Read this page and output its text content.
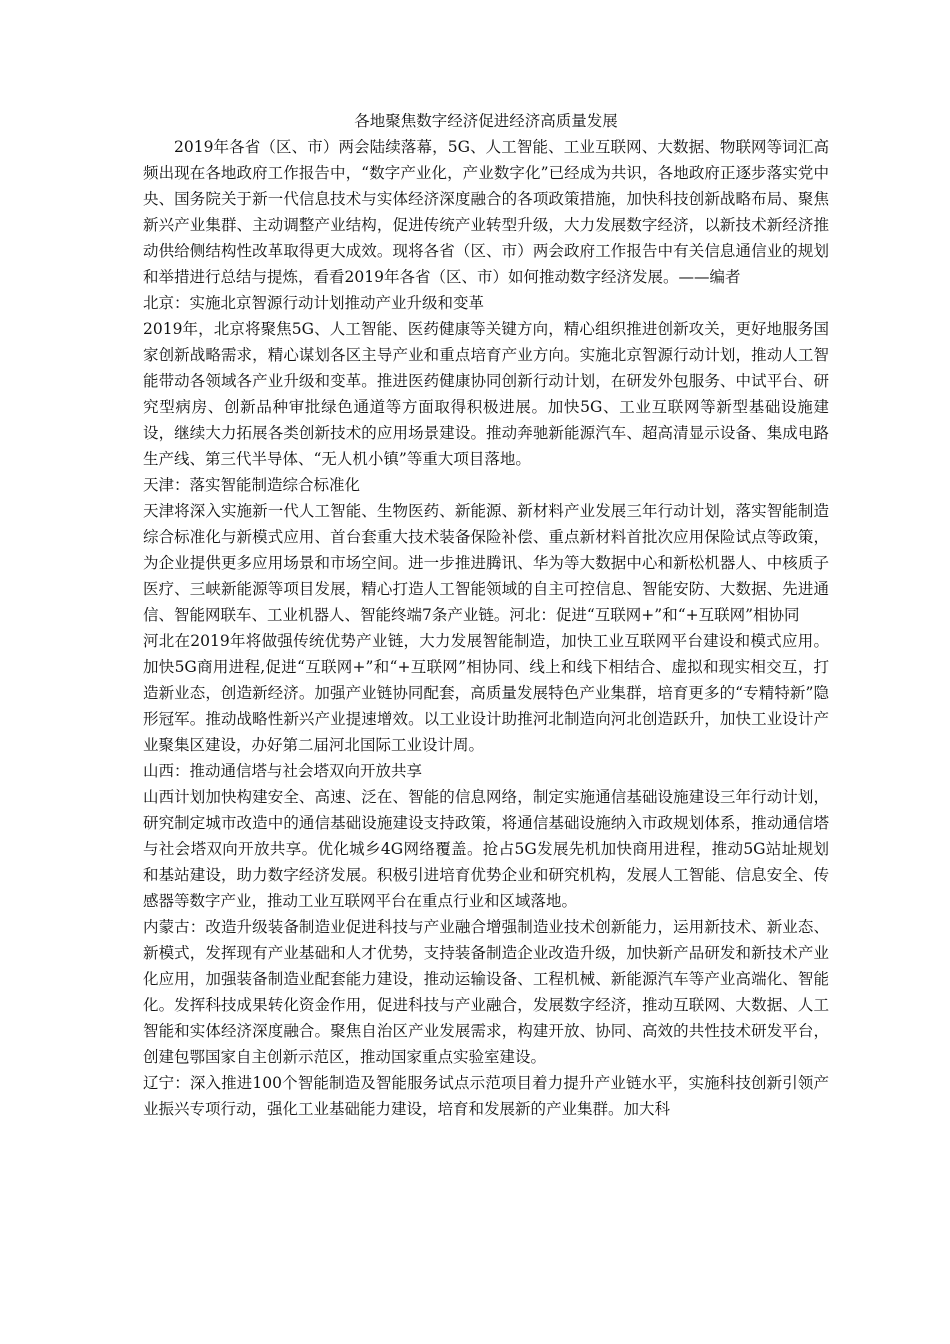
各地聚焦数字经济促进经济高质量发展

2019年各省（区、市）两会陆续落幕，5G、人工智能、工业互联网、大数据、物联网等词汇高频出现在各地政府工作报告中，“数字产业化，产业数字化”已经成为共识，各地政府正逐步落实党中央、国务院关于新一代信息技术与实体经济深度融合的各项政策措施，加快科技创新战略布局、聚焦新兴产业集群、主动调整产业结构，促进传统产业转型升级，大力发展数字经济，以新技术新经济推动供给侧结构性改革取得更大成效。现将各省（区、市）两会政府工作报告中有关信息通信业的规划和举措进行总结与提炼，看看2019年各省（区、市）如何推动数字经济发展。——编者

北京：实施北京智源行动计划推动产业升级和变革

2019年，北京将聚焦5G、人工智能、医药健康等关键方向，精心组织推进创新攻关，更好地服务国家创新战略需求，精心谋划各区主导产业和重点培育产业方向。实施北京智源行动计划，推动人工智能带动各领域各产业升级和变革。推进医药健康协同创新行动计划，在研发外包服务、中试平台、研究型病房、创新品种审批绿色通道等方面取得积极进展。加快5G、工业互联网等新型基础设施建设，继续大力拓展各类创新技术的应用场景建设。推动奔驰新能源汽车、超高清显示设备、集成电路生产线、第三代半导体、“无人机小镇”等重大项目落地。

天津：落实智能制造综合标准化

天津将深入实施新一代人工智能、生物医药、新能源、新材料产业发展三年行动计划，落实智能制造综合标准化与新模式应用、首台套重大技术装备保险补偿、重点新材料首批次应用保险试点等政策，为企业提供更多应用场景和市场空间。进一步推进腾讯、华为等大数据中心和新松机器人、中核质子医疗、三峡新能源等项目发展，精心打造人工智能领域的自主可控信息、智能安防、大数据、先进通信、智能网联车、工业机器人、智能终端7条产业链。河北：促进“互联网+”和“+互联网”相协同

河北在2019年将做强传统优势产业链，大力发展智能制造，加快工业互联网平台建设和模式应用。加快5G商用进程,促进“互联网+”和“+互联网”相协同、线上和线下相结合、虚拟和现实相交互，打造新业态，创造新经济。加强产业链协同配套，高质量发展特色产业集群，培育更多的“专精特新”隐形冠军。推动战略性新兴产业提速增效。以工业设计助推河北制造向河北创造跃升，加快工业设计产业聚集区建设，办好第二届河北国际工业设计周。

山西：推动通信塔与社会塔双向开放共享

山西计划加快构建安全、高速、泛在、智能的信息网络，制定实施通信基础设施建设三年行动计划，研究制定城市改造中的通信基础设施建设支持政策，将通信基础设施纳入市政规划体系，推动通信塔与社会塔双向开放共享。优化城乡4G网络覆盖。抢占5G发展先机加快商用进程，推动5G站址规划和基站建设，助力数字经济发展。积极引进培育优势企业和研究机构，发展人工智能、信息安全、传感器等数字产业，推动工业互联网平台在重点行业和区域落地。

内蒙古：改造升级装备制造业促进科技与产业融合增强制造业技术创新能力，运用新技术、新业态、新模式，发挥现有产业基础和人才优势，支持装备制造企业改造升级，加快新产品研发和新技术产业化应用，加强装备制造业配套能力建设，推动运输设备、工程机械、新能源汽车等产业高端化、智能化。发挥科技成果转化资金作用，促进科技与产业融合，发展数字经济，推动互联网、大数据、人工智能和实体经济深度融合。聚焦自治区产业发展需求，构建开放、协同、高效的共性技术研发平台，创建包鄂国家自主创新示范区，推动国家重点实验室建设。

辽宁：深入推进100个智能制造及智能服务试点示范项目着力提升产业链水平，实施科技创新引领产业振兴专项行动，强化工业基础能力建设，培育和发展新的产业集群。加大科
